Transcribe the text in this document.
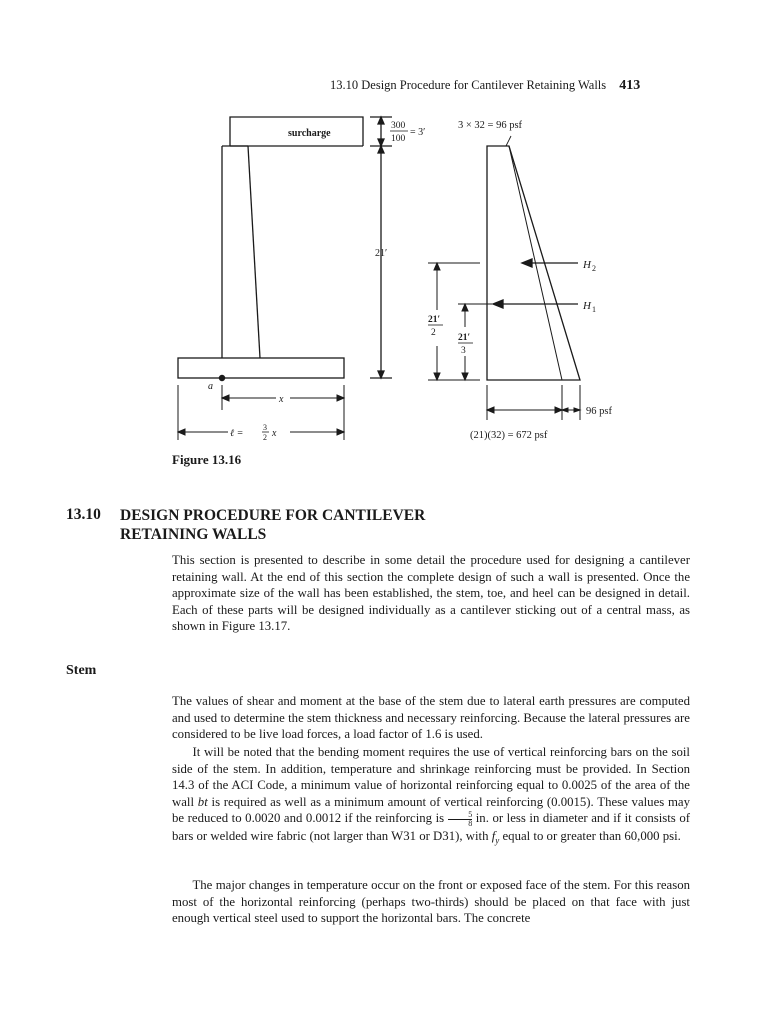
13.10 Design Procedure for Cantilever Retaining Walls 413
surcharge
300
100
= 3′
21′
3 × 32 = 96 psf
H 2
H 1
21′
2 21′
3
96 psf
(21)(32) = 672 psf
a
x
ℓ =
3
2 x
Figure 13.16
13.10 DESIGN PROCEDURE FOR CANTILEVER
RETAINING WALLS

This section is presented to describe in some detail the procedure used for designing a cantilever retaining wall. At the end of this section the complete design of such a wall is presented. Once the approximate size of the wall has been established, the stem, toe, and heel can be designed in detail. Each of these parts will be designed individually as a cantilever sticking out of a central mass, as shown in Figure 13.17.

Stem

The values of shear and moment at the base of the stem due to lateral earth pressures are computed and used to determine the stem thickness and necessary reinforcing. Because the lateral pressures are considered to be live load forces, a load factor of 1.6 is used.

It will be noted that the bending moment requires the use of vertical reinforcing bars on the soil side of the stem. In addition, temperature and shrinkage reinforcing must be provided. In Section 14.3 of the ACI Code, a minimum value of horizontal reinforcing equal to 0.0025 of the area of the wall bt is required as well as a minimum amount of vertical reinforcing (0.0015). These values may be reduced to 0.0020 and 0.0012 if the reinforcing is $\frac{5}{8}$ in. or less in diameter and if it consists of bars or welded wire fabric (not larger than W31 or D31), with $f_y$ equal to or greater than 60,000 psi.

The major changes in temperature occur on the front or exposed face of the stem. For this reason most of the horizontal reinforcing (perhaps two-thirds) should be placed on that face with just enough vertical steel used to support the horizontal bars. The concrete
